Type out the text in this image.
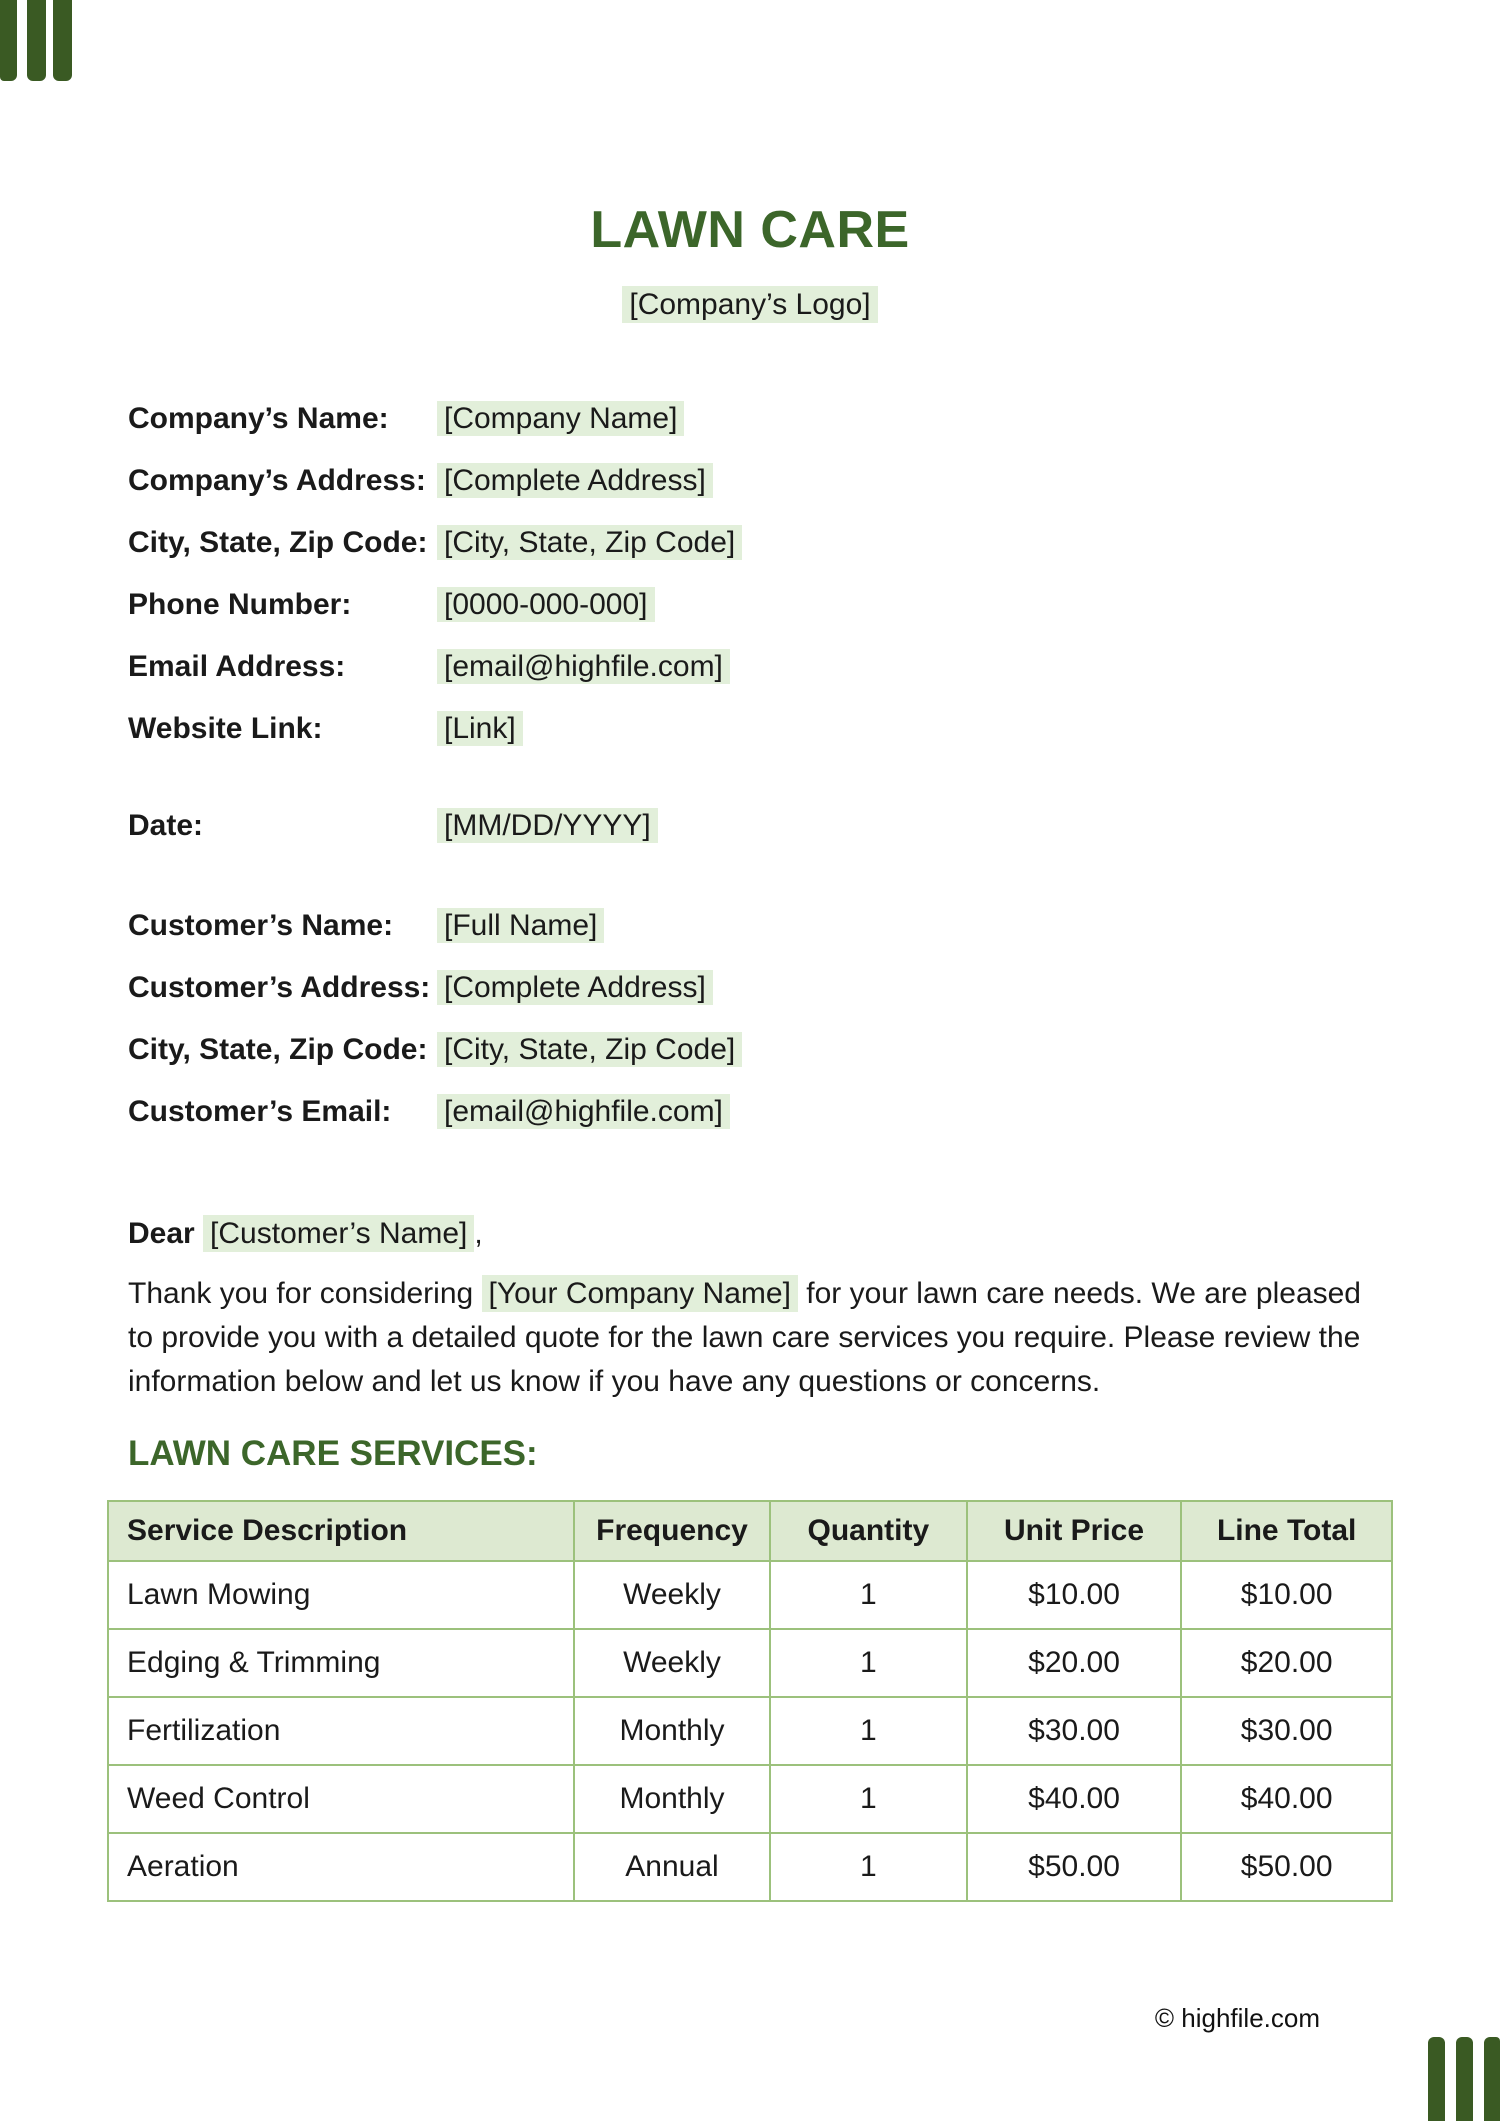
LAWN CARE
[Company’s Logo]
Company’s Name:	[Company Name]
Company’s Address: [Complete Address]
City, State, Zip Code: [City, State, Zip Code]
Phone Number:	[0000-000-000]
Email Address:	[email@highfile.com]
Website Link:	[Link]
Date:	[MM/DD/YYYY]
Customer’s Name:	[Full Name]
Customer’s Address: [Complete Address]
City, State, Zip Code: [City, State, Zip Code]
Customer’s Email:	[email@highfile.com]

Dear [Customer’s Name] ,

Thank you for considering [Your Company Name] for your lawn care needs. We are pleased to provide you with a detailed quote for the lawn care services you require. Please review the information below and let us know if you have any questions or concerns.

LAWN CARE SERVICES:
Service Description	Frequency	Quantity	Unit Price	Line Total
Lawn Mowing	Weekly	1	$10.00	$10.00
Edging & Trimming	Weekly	1	$20.00	$20.00
Fertilization	Monthly	1	$30.00	$30.00
Weed Control	Monthly	1	$40.00	$40.00
Aeration	Annual	1	$50.00	$50.00
© highfile.com
